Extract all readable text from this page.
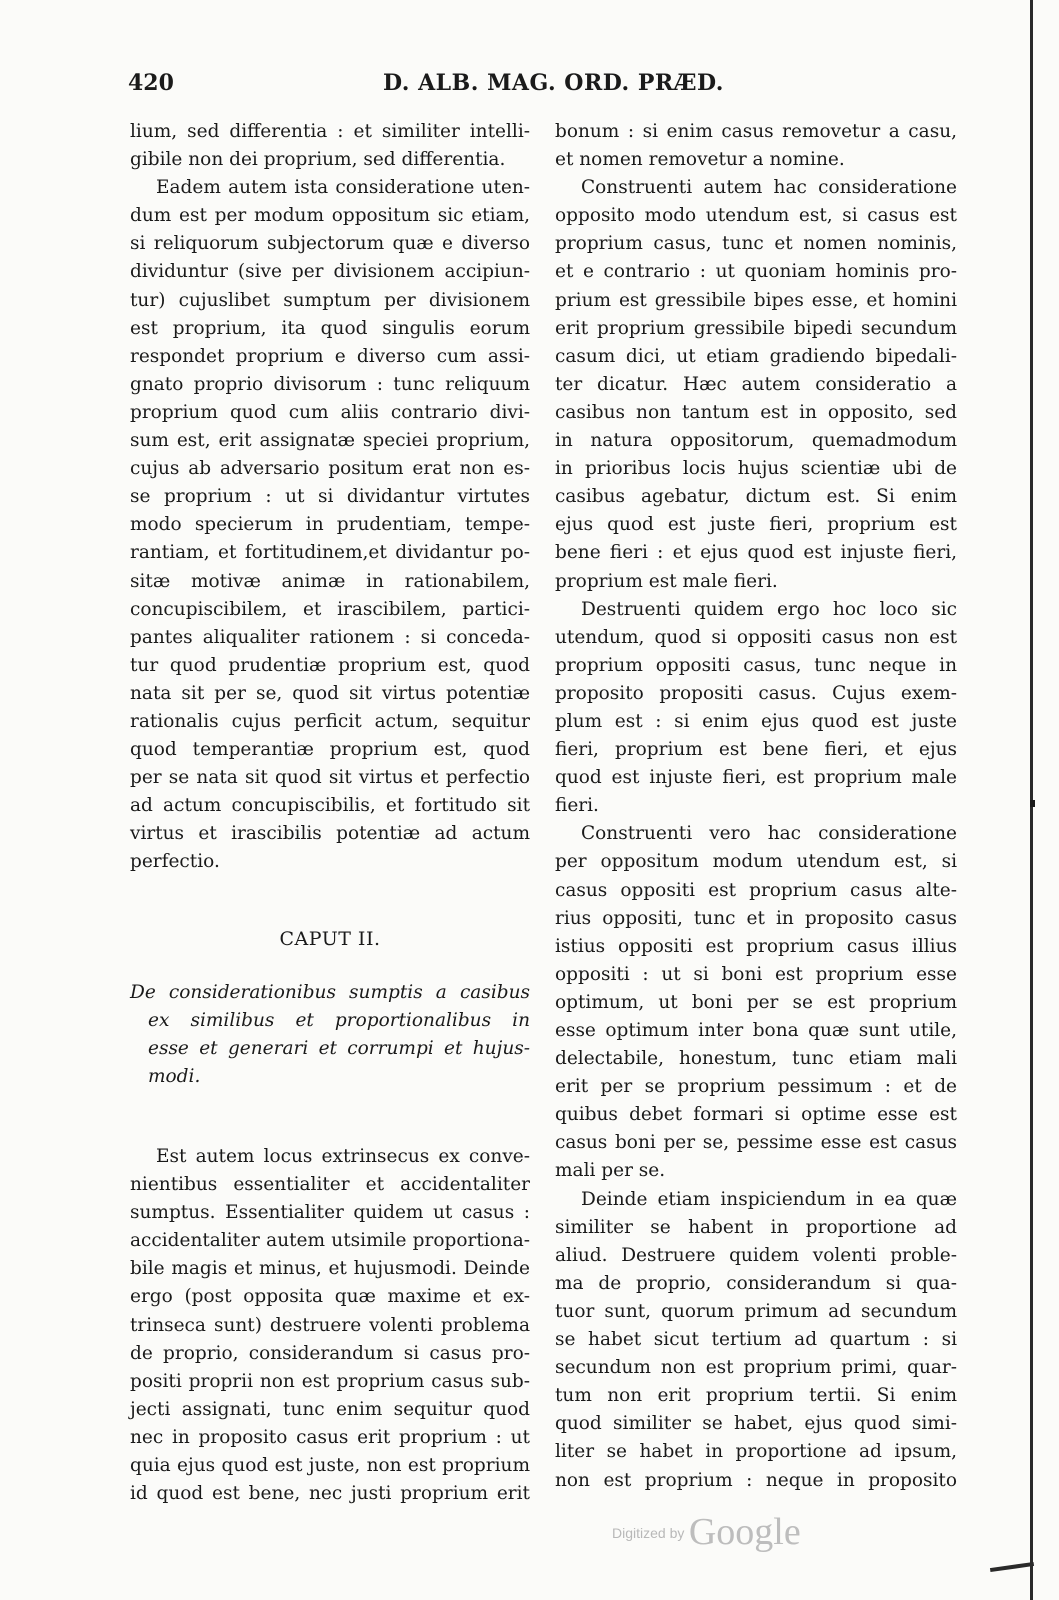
420	D. ALB. MAG. ORD. PRÆD.

lium, sed differentia : et similiter intelli-

gibile non dei proprium, sed differentia.

Eadem autem ista consideratione uten-

dum est per modum oppositum sic etiam,

si reliquorum subjectorum quæ e diverso

dividuntur (sive per divisionem accipiun-

tur) cujuslibet sumptum per divisionem

est proprium, ita quod singulis eorum

respondet proprium e diverso cum assi-

gnato proprio divisorum : tunc reliquum

proprium quod cum aliis contrario divi-

sum est, erit assignatæ speciei proprium,

cujus ab adversario positum erat non es-

se proprium : ut si dividantur virtutes

modo specierum in prudentiam, tempe-

rantiam, et fortitudinem,et dividantur po-

sitæ motivæ animæ in rationabilem,

concupiscibilem, et irascibilem, partici-

pantes aliqualiter rationem : si conceda-

tur quod prudentiæ proprium est, quod

nata sit per se, quod sit virtus potentiæ

rationalis cujus perficit actum, sequitur

quod temperantiæ proprium est, quod

per se nata sit quod sit virtus et perfectio

ad actum concupiscibilis, et fortitudo sit

virtus et irascibilis potentiæ ad actum

perfectio.

CAPUT II.
De considerationibus sumptis a casibus
ex similibus et proportionalibus in
esse et generari et corrumpi et hujus-
modi.

Est autem locus extrinsecus ex conve-

nientibus essentialiter et accidentaliter

sumptus. Essentialiter quidem ut casus :

accidentaliter autem utsimile proportiona-

bile magis et minus, et hujusmodi. Deinde

ergo (post opposita quæ maxime et ex-

trinseca sunt) destruere volenti problema

de proprio, considerandum si casus pro-

positi proprii non est proprium casus sub-

jecti assignati, tunc enim sequitur quod

nec in proposito casus erit proprium : ut

quia ejus quod est juste, non est proprium

id quod est bene, nec justi proprium erit

bonum : si enim casus removetur a casu,

et nomen removetur a nomine.

Construenti autem hac consideratione

opposito modo utendum est, si casus est

proprium casus, tunc et nomen nominis,

et e contrario : ut quoniam hominis pro-

prium est gressibile bipes esse, et homini

erit proprium gressibile bipedi secundum

casum dici, ut etiam gradiendo bipedali-

ter dicatur. Hæc autem consideratio a

casibus non tantum est in opposito, sed

in natura oppositorum, quemadmodum

in prioribus locis hujus scientiæ ubi de

casibus agebatur, dictum est. Si enim

ejus quod est juste fieri, proprium est

bene fieri : et ejus quod est injuste fieri,

proprium est male fieri.

Destruenti quidem ergo hoc loco sic

utendum, quod si oppositi casus non est

proprium oppositi casus, tunc neque in

proposito propositi casus. Cujus exem-

plum est : si enim ejus quod est juste

fieri, proprium est bene fieri, et ejus

quod est injuste fieri, est proprium male

fieri.

Construenti vero hac consideratione

per oppositum modum utendum est, si

casus oppositi est proprium casus alte-

rius oppositi, tunc et in proposito casus

istius oppositi est proprium casus illius

oppositi : ut si boni est proprium esse

optimum, ut boni per se est proprium

esse optimum inter bona quæ sunt utile,

delectabile, honestum, tunc etiam mali

erit per se proprium pessimum : et de

quibus debet formari si optime esse est

casus boni per se, pessime esse est casus

mali per se.

Deinde etiam inspiciendum in ea quæ

similiter se habent in proportione ad

aliud. Destruere quidem volenti proble-

ma de proprio, considerandum si qua-

tuor sunt, quorum primum ad secundum

se habet sicut tertium ad quartum : si

secundum non est proprium primi, quar-

tum non erit proprium tertii. Si enim

quod similiter se habet, ejus quod simi-

liter se habet in proportione ad ipsum,

non est proprium : neque in proposito

Digitized by Google
